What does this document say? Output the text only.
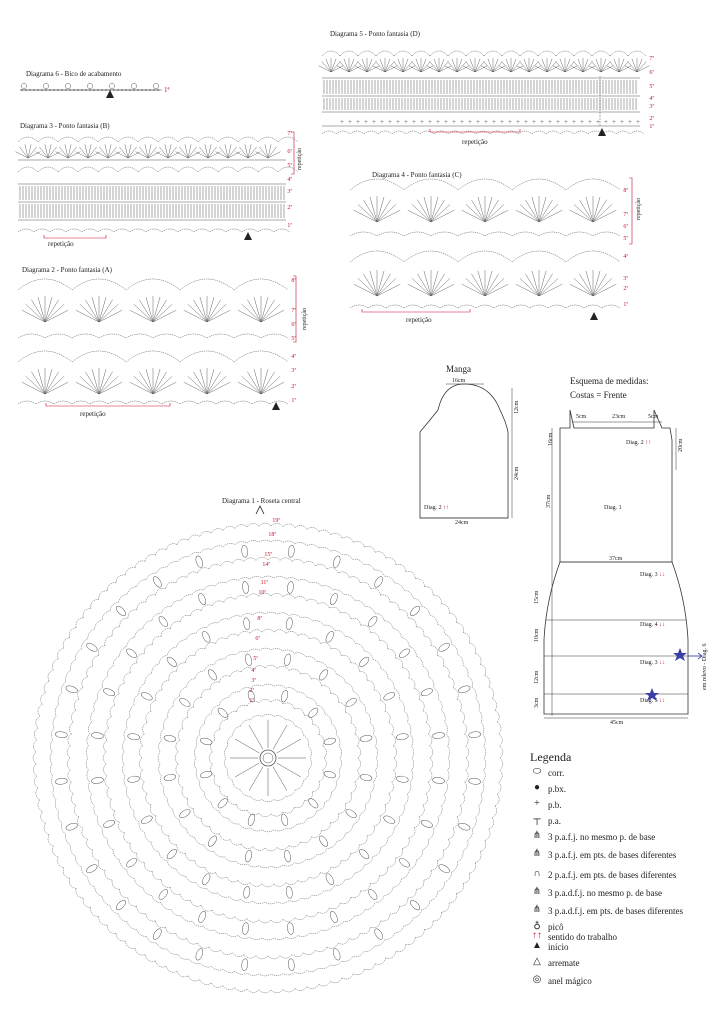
Diagrama 6 - Bico de acabamento
1ª
Diagrama 5 - Ponto fantasia (D)
repetição
7ª
6ª
5ª
4ª
3ª
2ª
1ª
Diagrama 3 - Ponto fantasia (B)
repetição
repetição
7ª
6ª
5ª
4ª
3ª
2ª
1ª
Diagrama 4 - Ponto fantasia (C)
repetição
repetição
8ª
7ª
6ª
5ª
4ª
3ª
2ª
1ª
Diagrama 2 - Ponto fantasia (A)
repetição
repetição
8ª
7ª
6ª
5ª
4ª
3ª
2ª
1ª
Diagrama 1 - Roseta central
19ª
18ª
15ª
14ª
11ª
10ª
8ª
6ª
5ª
4ª
3ª
2ª
1ª
Manga
16cm
12cm
24cm
24cm
Diag. 2 ↑↑
Esquema de medidas:
Costas = Frente
5cm	23cm	5cm
16cm	20cm
Diag. 2 ↑↑
37cm	Diag. 1
37cm
15cm
10cm
12cm
3cm
Diag. 3 ↓↓
Diag. 4 ↓↓
Diag. 3 ↓↓
Diag. 5 ↓↓
45cm
em relevo - Diag. 6
+ + + + + + + + + + + + + + + + + + + + + + + + + + + + + + + + + + + + + +
Legenda
⬭ corr.
● p.bx.
+ p.b.
┬ p.a.
⋔ 3 p.a.f.j. no mesmo p. de base
⋔ 3 p.a.f.j. em pts. de bases diferentes
∩ 2 p.a.f.j. em pts. de bases diferentes
⋔ 3 p.a.d.f.j. no mesmo p. de base
⋔ 3 p.a.d.f.j. em pts. de bases diferentes
♁ picô
↑↑ sentido do trabalho
▲ início
△ arremate
◎ anel mágico
